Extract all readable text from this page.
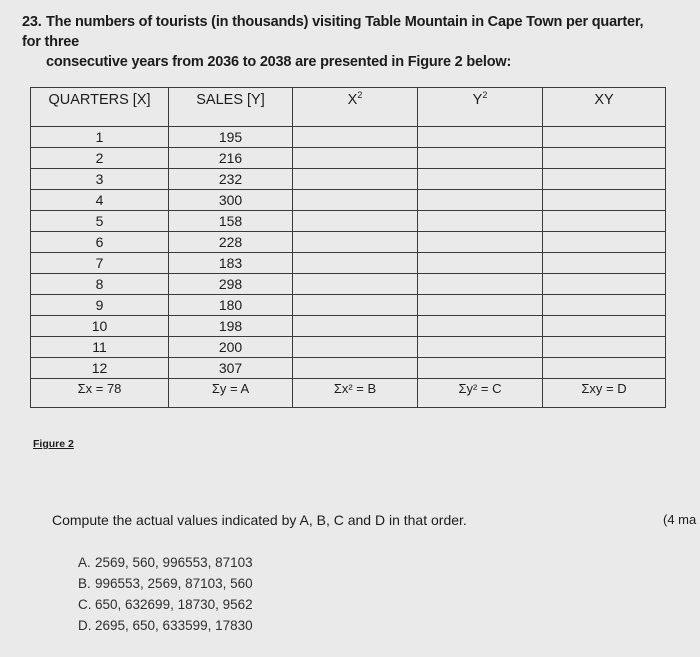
23. The numbers of tourists (in thousands) visiting Table Mountain in Cape Town per quarter, for three
consecutive years from 2036 to 2038 are presented in Figure 2 below:
QUARTERS [X]	SALES [Y]	$X^2$	$Y^2$	XY
1	195			
2	216			
3	232			
4	300			
5	158			
6	228			
7	183			
8	298			
9	180			
10	198			
11	200			
12	307			
Σx = 78	Σy = A	Σx² = B	Σy² = C	Σxy = D
Figure 2
Compute the actual values indicated by A, B, C and D in that order.	(4 ma
A. 2569, 560, 996553, 87103
B. 996553, 2569, 87103, 560
C. 650, 632699, 18730, 9562
D. 2695, 650, 633599, 17830
